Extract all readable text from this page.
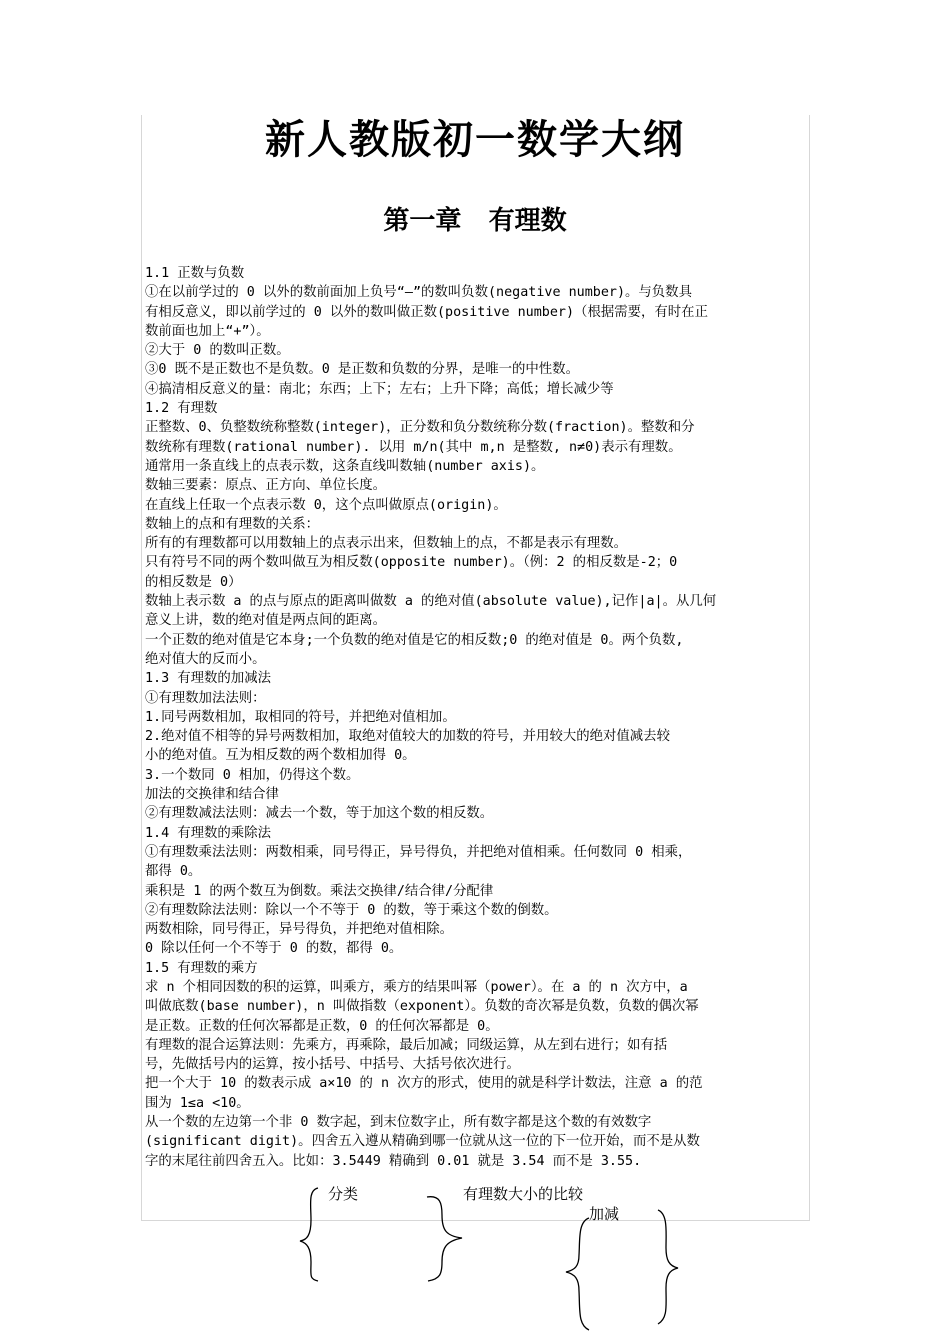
新人教版初一数学大纲
第一章   有理数
1.1 正数与负数
①在以前学过的 0 以外的数前面加上负号“—”的数叫负数(negative number)。与负数具
有相反意义，即以前学过的 0 以外的数叫做正数(positive number)（根据需要，有时在正
数前面也加上“+”）。
②大于 0 的数叫正数。
③0 既不是正数也不是负数。0 是正数和负数的分界，是唯一的中性数。
④搞清相反意义的量：南北；东西；上下；左右；上升下降；高低；增长减少等
1.2 有理数
正整数、0、负整数统称整数(integer)，正分数和负分数统称分数(fraction)。整数和分
数统称有理数(rational number). 以用 m/n(其中 m,n 是整数, n≠0)表示有理数。
通常用一条直线上的点表示数，这条直线叫数轴(number axis)。
数轴三要素：原点、正方向、单位长度。
在直线上任取一个点表示数 0，这个点叫做原点(origin)。
数轴上的点和有理数的关系：
所有的有理数都可以用数轴上的点表示出来，但数轴上的点，不都是表示有理数。
只有符号不同的两个数叫做互为相反数(opposite number)。（例：2 的相反数是-2；0
的相反数是 0）
数轴上表示数 a 的点与原点的距离叫做数 a 的绝对值(absolute value),记作|a|。从几何
意义上讲，数的绝对值是两点间的距离。
一个正数的绝对值是它本身;一个负数的绝对值是它的相反数;0 的绝对值是 0。两个负数,
绝对值大的反而小。
1.3 有理数的加减法
①有理数加法法则：
1.同号两数相加，取相同的符号，并把绝对值相加。
2.绝对值不相等的异号两数相加，取绝对值较大的加数的符号，并用较大的绝对值减去较
小的绝对值。互为相反数的两个数相加得 0。
3.一个数同 0 相加，仍得这个数。
加法的交换律和结合律
②有理数减法法则：减去一个数，等于加这个数的相反数。
1.4 有理数的乘除法
①有理数乘法法则：两数相乘，同号得正，异号得负，并把绝对值相乘。任何数同 0 相乘，
都得 0。
乘积是 1 的两个数互为倒数。乘法交换律/结合律/分配律
②有理数除法法则：除以一个不等于 0 的数，等于乘这个数的倒数。
两数相除，同号得正，异号得负，并把绝对值相除。
0 除以任何一个不等于 0 的数，都得 0。
1.5 有理数的乘方
求 n 个相同因数的积的运算，叫乘方，乘方的结果叫幂（power）。在 a 的 n 次方中，a
叫做底数(base number)，n 叫做指数（exponent）。负数的奇次幂是负数，负数的偶次幂
是正数。正数的任何次幂都是正数，0 的任何次幂都是 0。
有理数的混合运算法则：先乘方，再乘除，最后加减；同级运算，从左到右进行；如有括
号，先做括号内的运算，按小括号、中括号、大括号依次进行。
把一个大于 10 的数表示成 a×10 的 n 次方的形式，使用的就是科学计数法，注意 a 的范
围为 1≤a <10。
从一个数的左边第一个非 0 数字起，到末位数字止，所有数字都是这个数的有效数字
(significant digit)。四舍五入遵从精确到哪一位就从这一位的下一位开始，而不是从数
字的末尾往前四舍五入。比如：3.5449 精确到 0.01 就是 3.54 而不是 3.55.
分类	有理数大小的比较
加减
